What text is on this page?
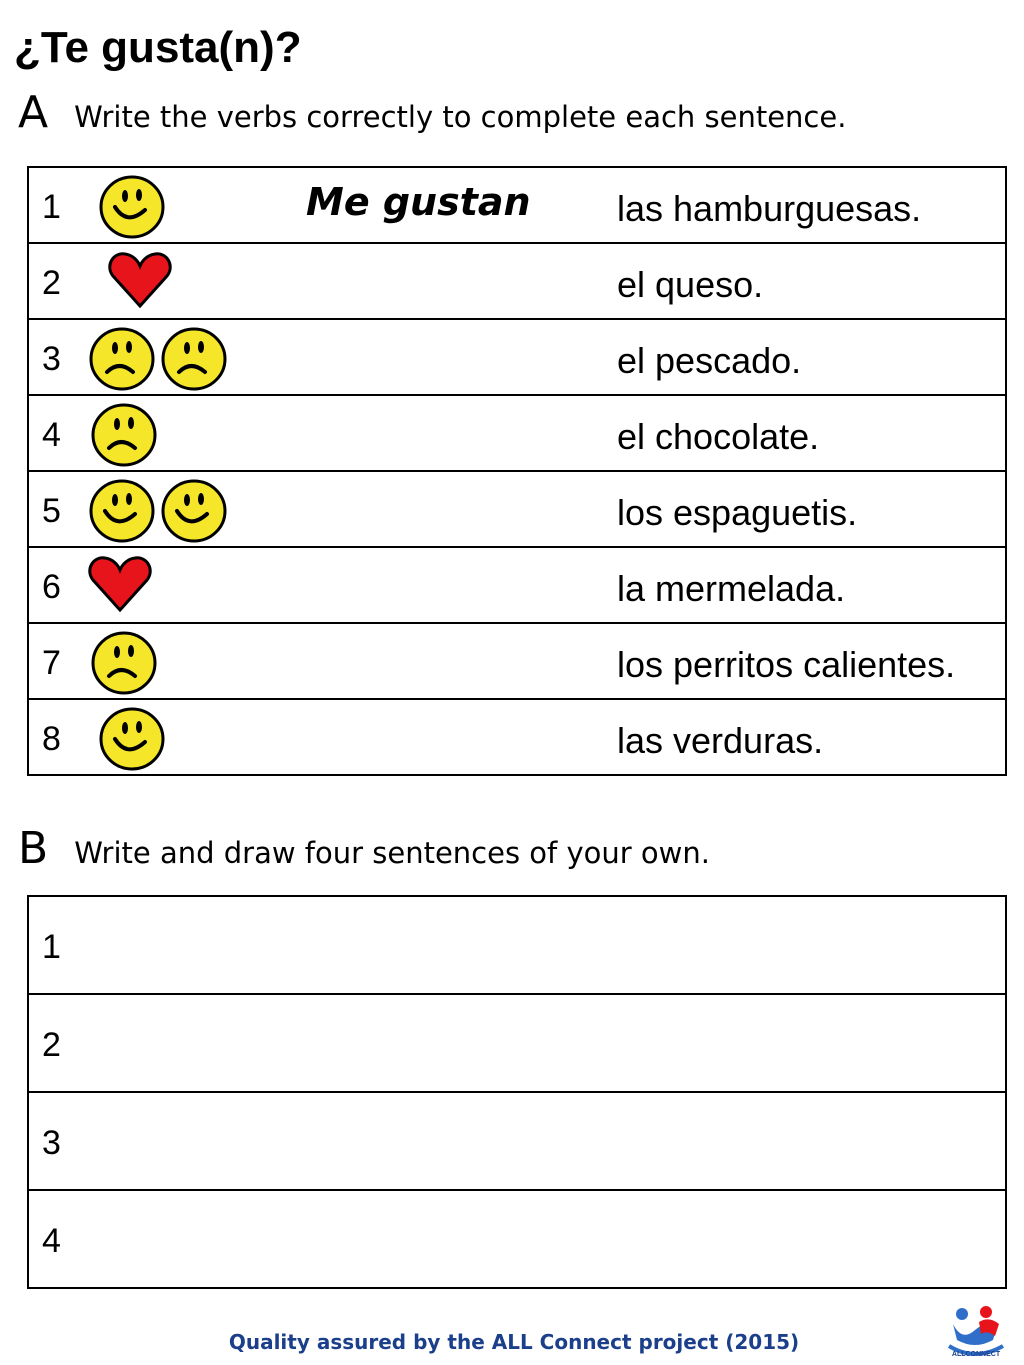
¿Te gusta(n)?
A Write the verbs correctly to complete each sentence.
1	Me gustan las hamburguesas.

2	el queso.

3	el pescado.

4	el chocolate.

5	los espaguetis.

6	la mermelada.

7	los perritos calientes.

8	las verduras.
B Write and draw four sentences of your own.
1

2

3

4
Quality assured by the ALL Connect project (2015)
ALLCONNECT
